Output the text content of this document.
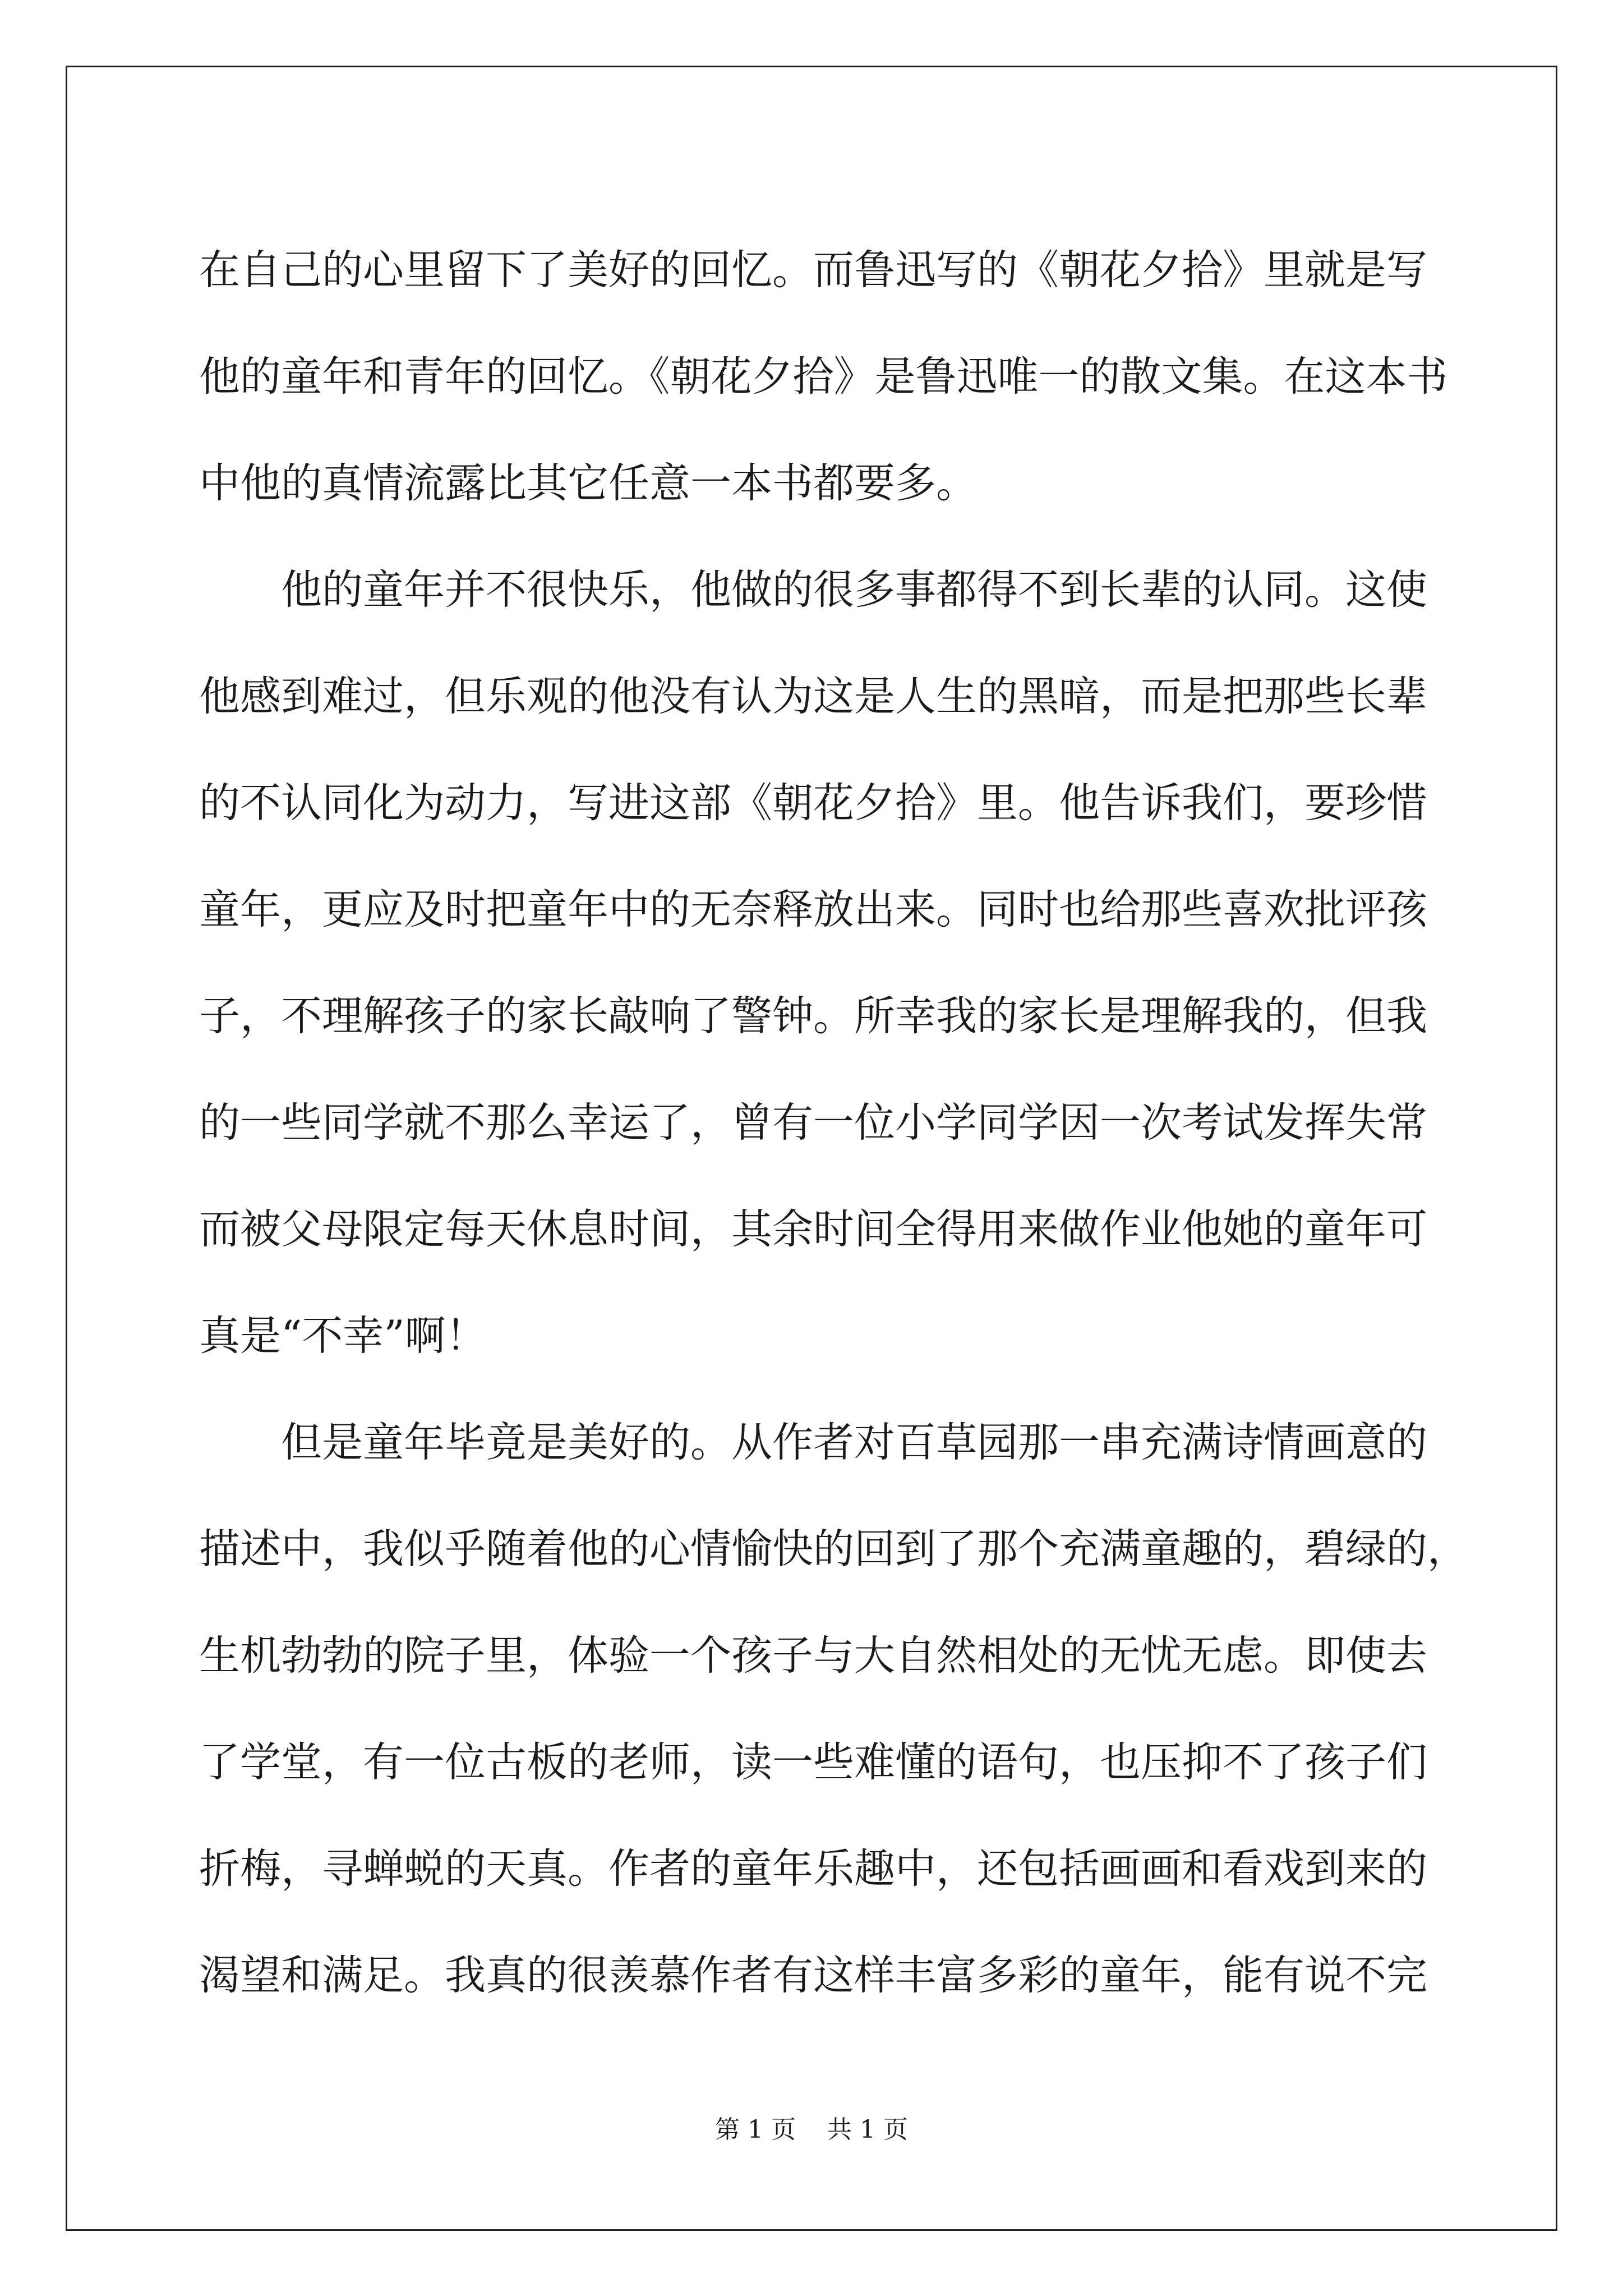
在自己的心里留下了美好的回忆。而鲁迅写的《朝花夕拾》里就是写
他的童年和青年的回忆。《朝花夕拾》是鲁迅唯一的散文集。在这本书
中他的真情流露比其它任意一本书都要多。
他的童年并不很快乐，他做的很多事都得不到长辈的认同。这使
他感到难过，但乐观的他没有认为这是人生的黑暗，而是把那些长辈
的不认同化为动力，写进这部《朝花夕拾》里。他告诉我们，要珍惜
童年，更应及时把童年中的无奈释放出来。同时也给那些喜欢批评孩
子，不理解孩子的家长敲响了警钟。所幸我的家长是理解我的，但我
的一些同学就不那么幸运了，曾有一位小学同学因一次考试发挥失常
而被父母限定每天休息时间，其余时间全得用来做作业他她的童年可
真是“不幸”啊！
但是童年毕竟是美好的。从作者对百草园那一串充满诗情画意的
描述中，我似乎随着他的心情愉快的回到了那个充满童趣的，碧绿的，
生机勃勃的院子里，体验一个孩子与大自然相处的无忧无虑。即使去
了学堂，有一位古板的老师，读一些难懂的语句，也压抑不了孩子们
折梅，寻蝉蜕的天真。作者的童年乐趣中，还包括画画和看戏到来的
渴望和满足。我真的很羡慕作者有这样丰富多彩的童年，能有说不完
第 1 页 共 1 页
